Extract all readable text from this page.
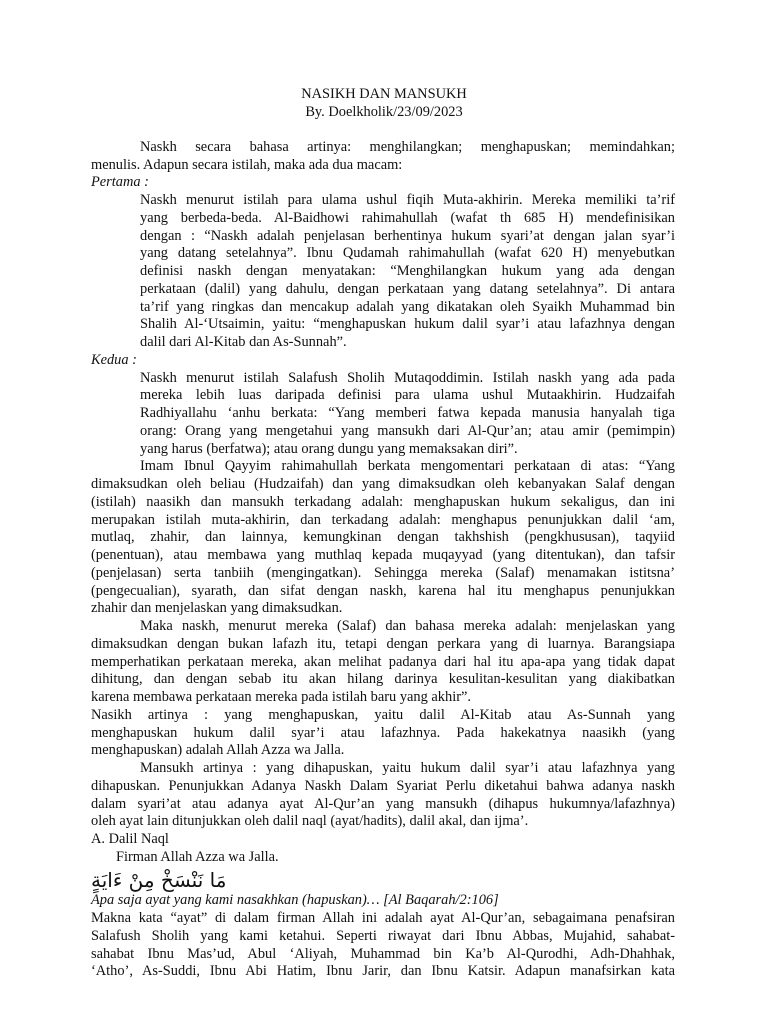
NASIKH DAN MANSUKH
By. Doelkholik/23/09/2023
Naskh secara bahasa artinya: menghilangkan; menghapuskan; memindahkan;
menulis. Adapun secara istilah, maka ada dua macam:
Pertama :
Naskh menurut istilah para ulama ushul fiqih Muta-akhirin. Mereka memiliki ta’rif
yang berbeda-beda. Al-Baidhowi rahimahullah (wafat th 685 H) mendefinisikan
dengan : “Naskh adalah penjelasan berhentinya hukum syari’at dengan jalan syar’i
yang datang setelahnya”. Ibnu Qudamah rahimahullah (wafat 620 H) menyebutkan
definisi naskh dengan menyatakan: “Menghilangkan hukum yang ada dengan
perkataan (dalil) yang dahulu, dengan perkataan yang datang setelahnya”. Di antara
ta’rif yang ringkas dan mencakup adalah yang dikatakan oleh Syaikh Muhammad bin
Shalih Al-‘Utsaimin, yaitu: “menghapuskan hukum dalil syar’i atau lafazhnya dengan
dalil dari Al-Kitab dan As-Sunnah”.
Kedua :
Naskh menurut istilah Salafush Sholih Mutaqoddimin. Istilah naskh yang ada pada
mereka lebih luas daripada definisi para ulama ushul Mutaakhirin. Hudzaifah
Radhiyallahu ‘anhu berkata: “Yang memberi fatwa kepada manusia hanyalah tiga
orang: Orang yang mengetahui yang mansukh dari Al-Qur’an; atau amir (pemimpin)
yang harus (berfatwa); atau orang dungu yang memaksakan diri”.
Imam Ibnul Qayyim rahimahullah berkata mengomentari perkataan di atas: “Yang
dimaksudkan oleh beliau (Hudzaifah) dan yang dimaksudkan oleh kebanyakan Salaf dengan
(istilah) naasikh dan mansukh terkadang adalah: menghapuskan hukum sekaligus, dan ini
merupakan istilah muta-akhirin, dan terkadang adalah: menghapus penunjukkan dalil ‘am,
mutlaq, zhahir, dan lainnya, kemungkinan dengan takhshish (pengkhususan), taqyiid
(penentuan), atau membawa yang muthlaq kepada muqayyad (yang ditentukan), dan tafsir
(penjelasan) serta tanbiih (mengingatkan). Sehingga mereka (Salaf) menamakan istitsna’
(pengecualian), syarath, dan sifat dengan naskh, karena hal itu menghapus penunjukkan
zhahir dan menjelaskan yang dimaksudkan.
Maka naskh, menurut mereka (Salaf) dan bahasa mereka adalah: menjelaskan yang
dimaksudkan dengan bukan lafazh itu, tetapi dengan perkara yang di luarnya. Barangsiapa
memperhatikan perkataan mereka, akan melihat padanya dari hal itu apa-apa yang tidak dapat
dihitung, dan dengan sebab itu akan hilang darinya kesulitan-kesulitan yang diakibatkan
karena membawa perkataan mereka pada istilah baru yang akhir”.
Nasikh artinya : yang menghapuskan, yaitu dalil Al-Kitab atau As-Sunnah yang
menghapuskan hukum dalil syar’i atau lafazhnya. Pada hakekatnya naasikh (yang
menghapuskan) adalah Allah Azza wa Jalla.
Mansukh artinya : yang dihapuskan, yaitu hukum dalil syar’i atau lafazhnya yang
dihapuskan. Penunjukkan Adanya Naskh Dalam Syariat Perlu diketahui bahwa adanya naskh
dalam syari’at atau adanya ayat Al-Qur’an yang mansukh (dihapus hukumnya/lafazhnya)
oleh ayat lain ditunjukkan oleh dalil naql (ayat/hadits), dalil akal, dan ijma’.
A. Dalil Naql
Firman Allah Azza wa Jalla.
مَا نَنْسَخْ مِنْ ءَايَةٍ
Apa saja ayat yang kami nasakhkan (hapuskan)… [Al Baqarah/2:106]
Makna kata “ayat” di dalam firman Allah ini adalah ayat Al-Qur’an, sebagaimana penafsiran
Salafush Sholih yang kami ketahui. Seperti riwayat dari Ibnu Abbas, Mujahid, sahabat-
sahabat Ibnu Mas’ud, Abul ‘Aliyah, Muhammad bin Ka’b Al-Qurodhi, Adh-Dhahhak,
‘Atho’, As-Suddi, Ibnu Abi Hatim, Ibnu Jarir, dan Ibnu Katsir. Adapun manafsirkan kata
